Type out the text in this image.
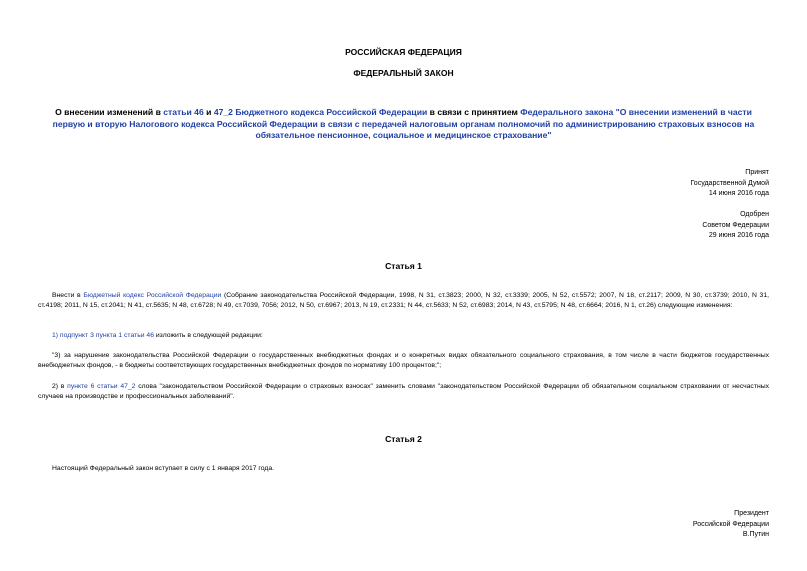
РОССИЙСКАЯ ФЕДЕРАЦИЯ
ФЕДЕРАЛЬНЫЙ ЗАКОН
О внесении изменений в статьи 46 и 47_2 Бюджетного кодекса Российской Федерации в связи с принятием Федерального закона "О внесении изменений в части первую и вторую Налогового кодекса Российской Федерации в связи с передачей налоговым органам полномочий по администрированию страховых взносов на обязательное пенсионное, социальное и медицинское страхование"
Принят
Государственной Думой
14 июня 2016 года
Одобрен
Советом Федерации
29 июня 2016 года
Статья 1
Внести в Бюджетный кодекс Российской Федерации (Собрание законодательства Российской Федерации, 1998, N 31, ст.3823; 2000, N 32, ст.3339; 2005, N 52, ст.5572; 2007, N 18, ст.2117; 2009, N 30, ст.3739; 2010, N 31, ст.4198; 2011, N 15, ст.2041; N 41, ст.5635; N 48, ст.6728; N 49, ст.7039, 7056; 2012, N 50, ст.6967; 2013, N 19, ст.2331; N 44, ст.5633; N 52, ст.6983; 2014, N 43, ст.5795; N 48, ст.6664; 2016, N 1, ст.26) следующие изменения:
1) подпункт 3 пункта 1 статьи 46 изложить в следующей редакции:
"3) за нарушение законодательства Российской Федерации о государственных внебюджетных фондах и о конкретных видах обязательного социального страхования, в том числе в части бюджетов государственных внебюджетных фондов, - в бюджеты соответствующих государственных внебюджетных фондов по нормативу 100 процентов;";
2) в пункте 6 статьи 47_2 слова "законодательством Российской Федерации о страховых взносах" заменить словами "законодательством Российской Федерации об обязательном социальном страховании от несчастных случаев на производстве и профессиональных заболеваний".
Статья 2
Настоящий Федеральный закон вступает в силу с 1 января 2017 года.
Президент
Российской Федерации
В.Путин
